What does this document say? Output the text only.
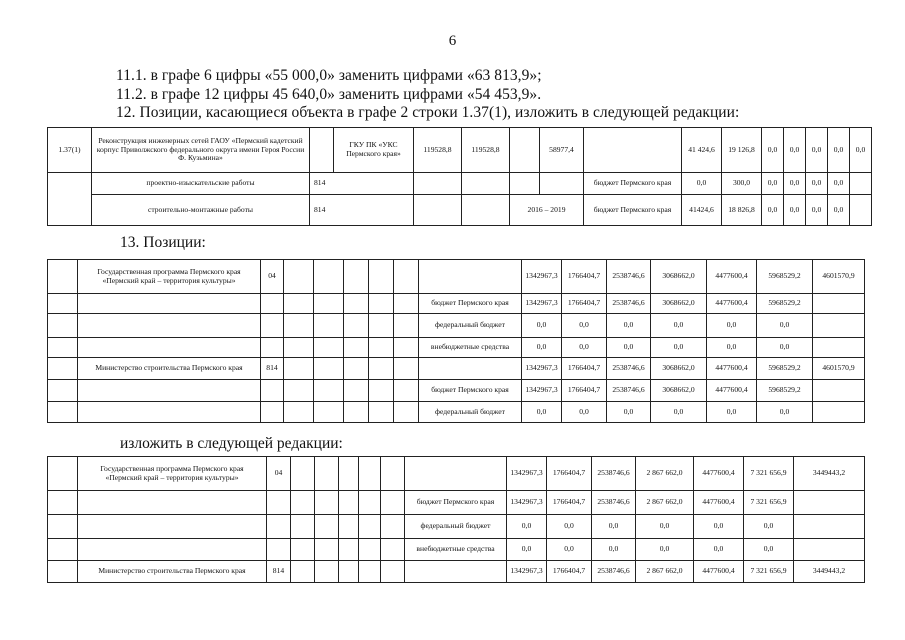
6
11.1. в графе 6 цифры «55 000,0» заменить цифрами «63 813,9»;
11.2. в графе 12 цифры 45 640,0» заменить цифрами «54 453,9».
12. Позиции, касающиеся объекта в графе 2 строки 1.37(1), изложить в следующей редакции:
1.37(1)	Реконструкция инженерных сетей ГАОУ «Пермский кадетский корпус Приволжского федерального округа имени Героя России Ф. Кузьмина»		ГКУ ПК «УКС Пермского края»	119528,8	119528,8		58977,4		41 424,6	19 126,8	0,0	0,0	0,0	0,0	0,0
	проектно-изыскательские работы	814						бюджет Пермского края	0,0	300,0	0,0	0,0	0,0	0,0	
	строительно-монтажные работы	814				2016 – 2019		бюджет Пермского края	41424,6	18 826,8	0,0	0,0	0,0	0,0	
13. Позиции:
	Государственная программа Пермского края «Пермский край – территория культуры»	04							1342967,3	1766404,7	2538746,6	3068662,0	4477600,4	5968529,2	4601570,9
								бюджет Пермского края	1342967,3	1766404,7	2538746,6	3068662,0	4477600,4	5968529,2	
								федеральный бюджет	0,0	0,0	0,0	0,0	0,0	0,0	
								внебюджетные средства	0,0	0,0	0,0	0,0	0,0	0,0	
	Министерство строительства Пермского края	814							1342967,3	1766404,7	2538746,6	3068662,0	4477600,4	5968529,2	4601570,9
								бюджет Пермского края	1342967,3	1766404,7	2538746,6	3068662,0	4477600,4	5968529,2	
								федеральный бюджет	0,0	0,0	0,0	0,0	0,0	0,0	
изложить в следующей редакции:
	Государственная программа Пермского края «Пермский край – территория культуры»	04							1342967,3	1766404,7	2538746,6	2 867 662,0	4477600,4	7 321 656,9	3449443,2
								бюджет Пермского края	1342967,3	1766404,7	2538746,6	2 867 662,0	4477600,4	7 321 656,9	
								федеральный бюджет	0,0	0,0	0,0	0,0	0,0	0,0	
								внебюджетные средства	0,0	0,0	0,0	0,0	0,0	0,0	
	Министерство строительства Пермского края	814							1342967,3	1766404,7	2538746,6	2 867 662,0	4477600,4	7 321 656,9	3449443,2
